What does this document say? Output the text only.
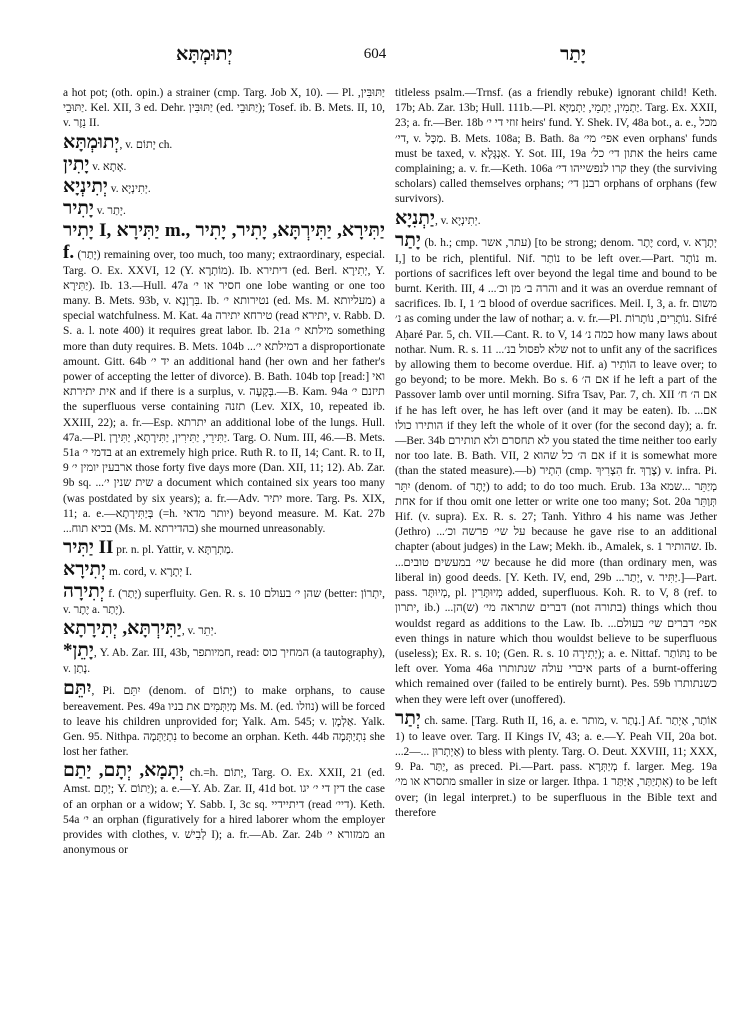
יְתוּמְתָּא	604	יָתַר

a hot pot; (oth. opin.) a strainer (cmp. Targ. Job X, 10). — Pl. יַתּוּבִּין, יַתּוּבֵי. Kel. XII, 3 ed. Dehr. יַתּוּבִּין (ed. יַתּוּבֵי); Tosef. ib. B. Mets. II, 10, v. נֵזֶר II.

יְתוּמְתָּא, v. יָתוֹם ch.

יָתִין v. אָתָא.

יְתִינְיָא v. יְתִינְיָא.

יָתִיר v. יָתַר.

יָתִיר I, יַתִּירָא m., יַתִּירָא, יַתִּירְתָּא, יָתִיר, יָתִיר f. (יָתַר) remaining over, too much, too many; extraordinary, especial. Targ. O. Ex. XXVI, 12 (Y. מוֹתְרָא). Ib. דיתירא (ed. Berl. יְתִירָא, Y. יַתִּירָא). Ib. 13.—Hull. 47a חסיר או י׳ one lobe wanting or one too many. B. Mets. 93b, v. בִּרְוָנָא. Ib. נטירותא י׳ (ed. Ms. M. מעליותא) a special watchfulness. M. Kat. 4a טירחא יתירה (read יתירא, v. Rabb. D. S. a. l. note 400) it requires great labor. Ib. 21a מילתא י׳ something more than duty requires. B. Mets. 104b ...דמילתא י׳ a disproportionate amount. Gitt. 64b יד י׳ an additional hand (her own and her father's power of accepting the letter of divorce). B. Bath. 104b top [read:] ואי אית יתירתא and if there is a surplus, v. בְּקָעָה.—B. Kam. 94a תיזנם י׳ the superfluous verse containing תזנה (Lev. XIX, 10, repeated ib. XXIII, 22); a. fr.—Esp. יתרתא an additional lobe of the lungs. Hull. 47a.—Pl. יַתִּירֵי, יַתִּירִין, יַתִּירָתָא, יַתִּירָן. Targ. O. Num. III, 46.—B. Mets. 51a בדמי י׳ at an extremely high price. Ruth R. to II, 14; Cant. R. to II, 9 ארבעין יומין י׳ those forty five days more (Dan. XII, 11; 12). Ab. Zar. 9b sq. ...שית שנין י׳ a document which contained six years too many (was postdated by six years); a. fr.—Adv. יתיר more. Targ. Ps. XIX, 11; a. e.—בְּיַתִּירְתָא (=h. יותר מדאי) beyond measure. M. Kat. 27b ...בכיא תוח (Ms. M. בהדירתא) she mourned unreasonably.

יַתִּיר II pr. n. pl. Yattir, v. מַתְרְתָּא.

יְתִירָא m. cord, v. יְתָרָא I.

יְתִירָה f. (יָתַר) superfluity. Gen. R. s. 10 שהן י׳ בעולם (better: יִתְרוֹן, v. יֶתֶר a. יָתַר).

יַתִּירְתָּא, יְתִירָתָא, v. יְתֵר.

*יָתֵן, Y. Ab. Zar. III, 43b, חמיותפר, read: המחיך כוס (a tautography), v. נָתַן.

יִתֵּם, Pi. יִתֵּם (denom. of יָתוֹם) to make orphans, to cause bereavement. Pes. 49a מְיַתְּמִים את בניו Ms. M. (ed. נוזלו) will be forced to leave his children unprovided for; Yalk. Am. 545; v. אַלְמָן. Yalk. Gen. 95. Nithpa. נִתְיַתְּמָה to become an orphan. Keth. 44b נִתְיַתְּמָה she lost her father.

יְתָמָא, יְתָם, יַתַם ch.=h. יָתוֹם, Targ. O. Ex. XXII, 21 (ed. Amst. יְתָם; Y. יַתוֹם); a. e.—Y. Ab. Zar. II, 41d bot. דין די י׳ יגו the case of an orphan or a widow; Y. Sabb. I, 3c sq. דיתיידיי (read דיי׳). Keth. 54a י׳ an orphan (figuratively for a hired laborer whom the employer provides with clothes, v. לְבִישׁ I); a. fr.—Ab. Zar. 24b ממזורא י׳ an anonymous or

titleless psalm.—Trnsf. (as a friendly rebuke) ignorant child! Keth. 17b; Ab. Zar. 13b; Hull. 111b.—Pl. יַתְמִין, יַתְמֵי, יַתְמַיָּא. Targ. Ex. XXII, 23; a. fr.—Ber. 18b זוזי די י׳ heirs' fund. Y. Shek. IV, 48a bot., a. e., מכל די׳, v. מַכָּל. B. Mets. 108a; B. Bath. 8a אפי׳ מי׳ even orphans' funds must be taxed, v. אַנְגָּלָא. Y. Sot. III, 19a אתון די׳ כל׳ the heirs came complaining; a. v. fr.—Keth. 106a קרו לנפשייהו די׳ they (the surviving scholars) called themselves orphans; רבנן די׳ orphans of orphans (few survivors).

יַתְנִיָא, v. יְתִינְיָא.

יָתַר (b. h.; cmp. עתר, אשר) [to be strong; denom. יֶתֶר cord, v. יְתָרָא I,] to be rich, plentiful. Nif. נוֹתַר to be left over.—Part. נוֹתָר m. portions of sacrifices left over beyond the legal time and bound to be burnt. Kerith. III, 4 ...והרה ב׳ מן וכ׳ and it was an overdue remnant of sacrifices. Ib. I, 1 ב׳ blood of overdue sacrifices. Meil. I, 3, a. fr. משום נ׳ as coming under the law of nothar; a. v. fr.—Pl. נוֹתָרִים, נוֹתָרוֹת. Sifré Aḥaré Par. 5, ch. VII.—Cant. R. to V, 14 כמה נ׳ how many laws about nothar. Num. R. s. 11 ...שלא לפסול בנ׳ not to unfit any of the sacrifices by allowing them to become overdue. Hif. a) הוֹתִיר to leave over; to go beyond; to be more. Mekh. Bo s. 6 אם ה׳ if he left a part of the Passover lamb over until morning. Sifra Tsav, Par. 7, ch. XII אם ה׳ ח׳ if he has left over, he has left over (and it may be eaten). Ib. ...אם הותירו כולו if they left the whole of it over (for the second day); a. fr.—Ber. 34b לא תחסרם ולא תותירם you stated the time neither too early nor too late. B. Bath. VII, 2 אם ה׳ כל שהוא if it is somewhat more (than the stated measure).—b) הִתְיר (cmp. הִצְרִיךְ fr. צָרַךְ) v. infra. Pi. יִתֵּר (denom. of יֶתֶר) to add; to do too much. Erub. 13a מְיַתֵּר ...שמא אחת for if thou omit one letter or write one too many; Sot. 20a תְּוַתֵּר Hif. (v. supra). Ex. R. s. 27; Tanh. Yithro 4 his name was Jether (Jethro) ...על שי׳ פרשה וכ׳ because he gave rise to an additional chapter (about judges) in the Law; Mekh. ib., Amalek, s. 1 שהותיר. Ib. ...שי׳ במעשים טובים because he did more (than ordinary men, was liberal in) good deeds. [Y. Keth. IV, end, 29b ...יְתַר, v. יַתִּיר.]—Part. pass. מְיוּתָּר, pl. מְיוּתָּרִין added, superfluous. Koh. R. to V, 8 (ref. to יתרון, ib.) ...דברים שתראה מי׳ (ש)הן (not בתורה) things which thou wouldst regard as additions to the Law. Ib. ...אפי׳ דברים שי׳ בעולם even things in nature which thou wouldst believe to be superfluous (useless); Ex. R. s. 10; (Gen. R. s. 10 יְתִירָה); a. e. Nittaf. נִתּוֹתַר to be left over. Yoma 46a איברי עולה שנתותרו parts of a burnt-offering which remained over (failed to be entirely burnt). Pes. 59b כשנתותרו when they were left over (unoffered).

יְתַר ch. same. [Targ. Ruth II, 16, a. e. מותר, v. נָתַר.] Af. אוֹתַר, אַיְתַר 1) to leave over. Targ. II Kings IV, 43; a. e.—Y. Peah VII, 20a bot. ...אַיְתְרוּן ...—2) to bless with plenty. Targ. O. Deut. XXVIII, 11; XXX, 9. Pa. יַתַּר, as preced. Pi.—Part. pass. מְיַתְּרָא f. larger. Meg. 19a מתסרא או מי׳ smaller in size or larger. Ithpa. אִתְיַתַּר, אִיַּתַּר 1) to be left over; (in legal interpret.) to be superfluous in the Bible text and therefore
